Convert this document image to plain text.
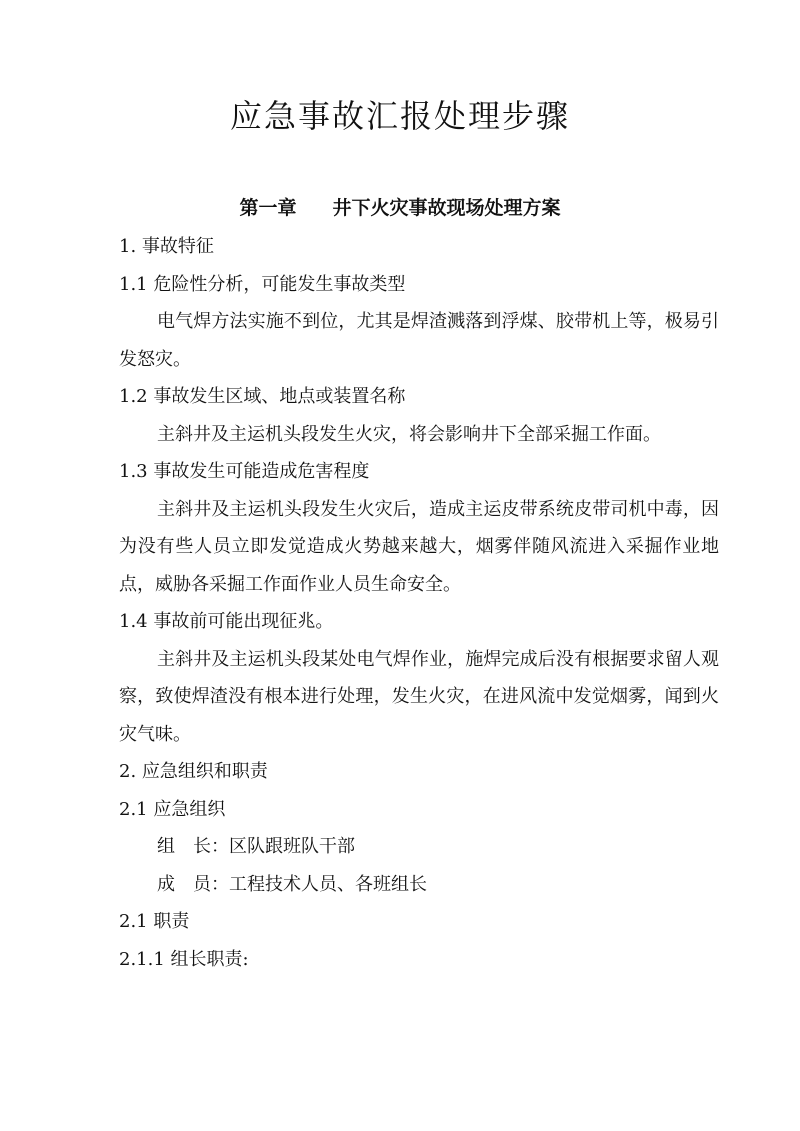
应急事故汇报处理步骤
第一章 井下火灾事故现场处理方案
1. 事故特征
1.1 危险性分析，可能发生事故类型
电气焊方法实施不到位，尤其是焊渣溅落到浮煤、胶带机上等，极易引发怒灾。
1.2 事故发生区域、地点或装置名称
主斜井及主运机头段发生火灾，将会影响井下全部采掘工作面。
1.3 事故发生可能造成危害程度
主斜井及主运机头段发生火灾后，造成主运皮带系统皮带司机中毒，因为没有些人员立即发觉造成火势越来越大，烟雾伴随风流进入采掘作业地点，威胁各采掘工作面作业人员生命安全。
1.4 事故前可能出现征兆。
主斜井及主运机头段某处电气焊作业，施焊完成后没有根据要求留人观察，致使焊渣没有根本进行处理，发生火灾，在进风流中发觉烟雾，闻到火灾气味。
2. 应急组织和职责
2.1 应急组织
组　长：区队跟班队干部
成　员：工程技术人员、各班组长
2.1 职责
2.1.1 组长职责:
